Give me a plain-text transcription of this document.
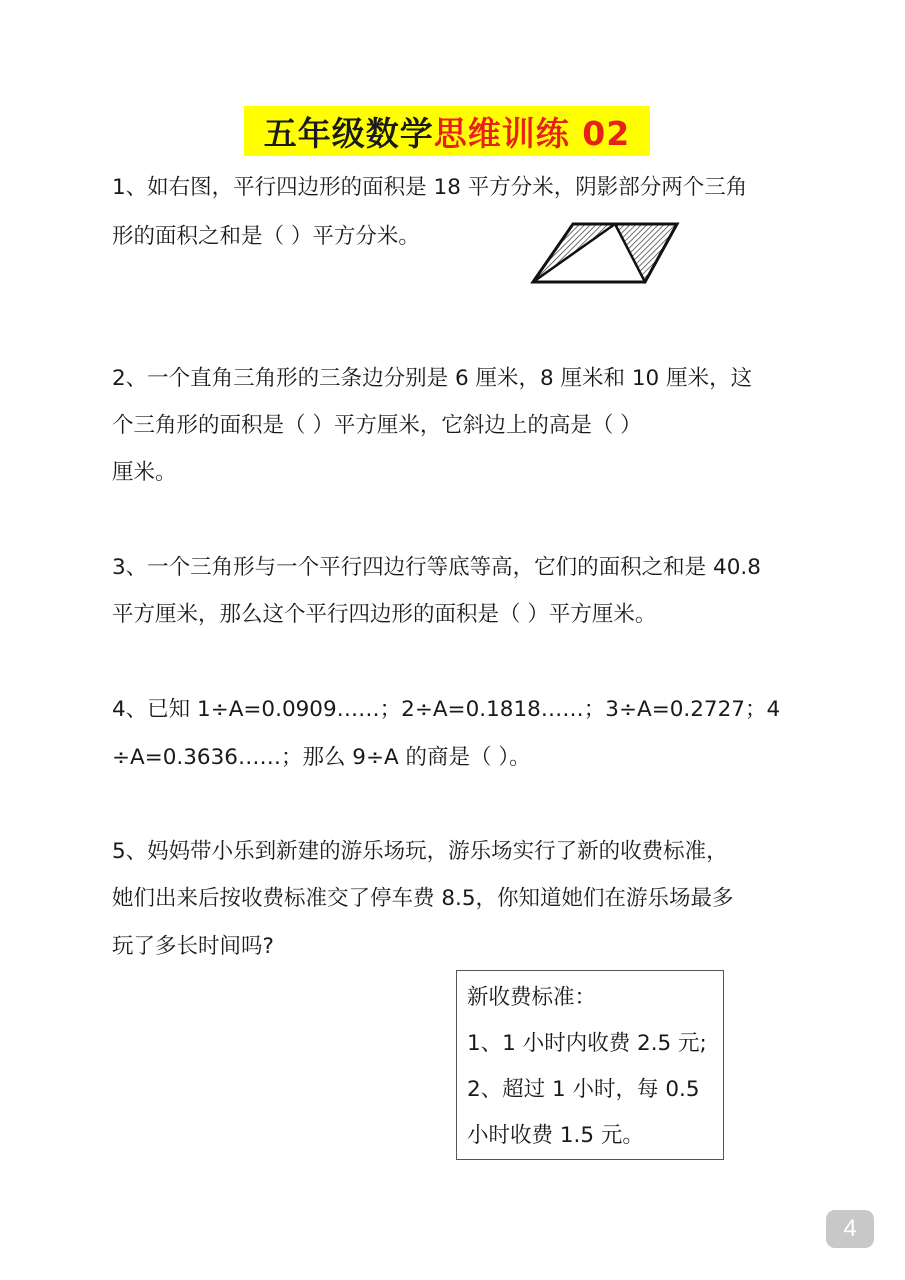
五年级数学思维训练 02
1、如右图，平行四边形的面积是 18 平方分米，阴影部分两个三角
形的面积之和是（ ）平方分米。
2、一个直角三角形的三条边分别是 6 厘米，8 厘米和 10 厘米，这
个三角形的面积是（ ）平方厘米，它斜边上的高是（ ）
厘米。
3、一个三角形与一个平行四边行等底等高，它们的面积之和是 40.8
平方厘米，那么这个平行四边形的面积是（ ）平方厘米。
4、已知 1÷A=0.0909……；2÷A=0.1818……；3÷A=0.2727；4
÷A=0.3636……；那么 9÷A 的商是（ ）。
5、妈妈带小乐到新建的游乐场玩，游乐场实行了新的收费标准，
她们出来后按收费标准交了停车费 8.5，你知道她们在游乐场最多
玩了多长时间吗?
新收费标准：
1、1 小时内收费 2.5 元;
2、超过 1 小时，每 0.5
小时收费 1.5 元。
4
